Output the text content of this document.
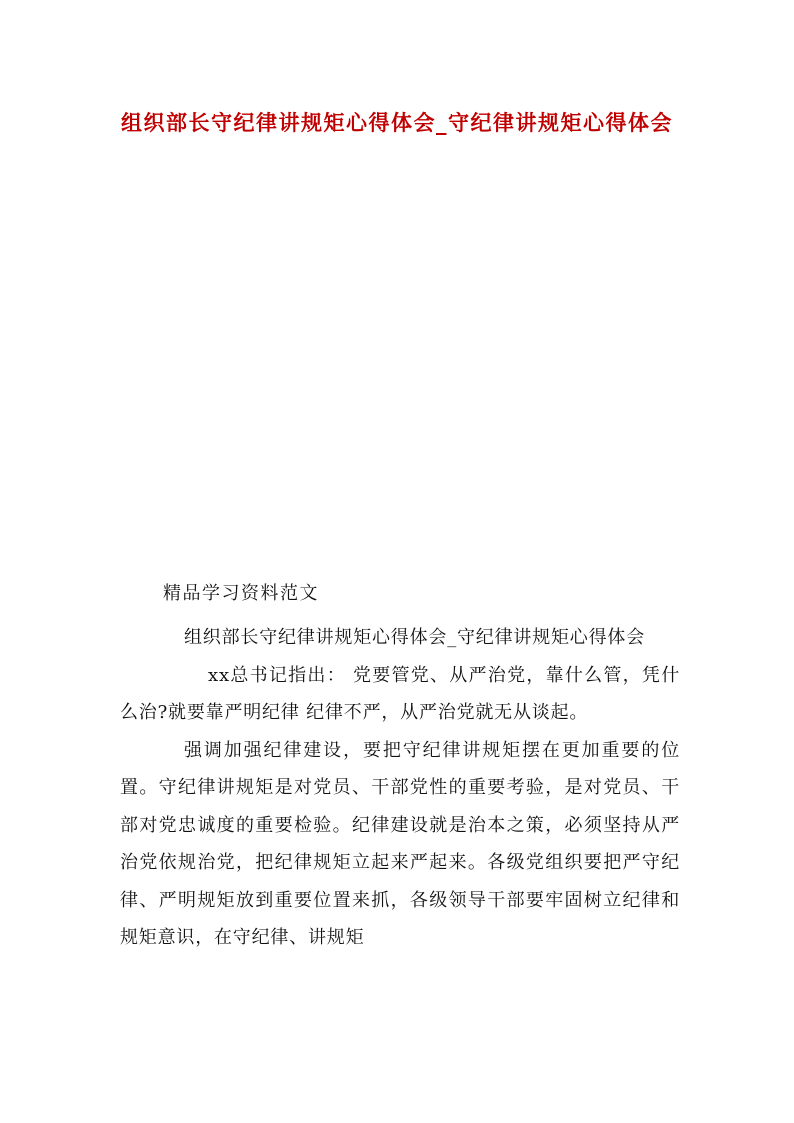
组织部长守纪律讲规矩心得体会_守纪律讲规矩心得体会
精品学习资料范文

组织部长守纪律讲规矩心得体会_守纪律讲规矩心得体会

xx总书记指出： 党要管党、从严治党，靠什么管，凭什么治?就要靠严明纪律 纪律不严，从严治党就无从谈起。

强调加强纪律建设，要把守纪律讲规矩摆在更加重要的位置。守纪律讲规矩是对党员、干部党性的重要考验，是对党员、干部对党忠诚度的重要检验。纪律建设就是治本之策，必须坚持从严治党依规治党，把纪律规矩立起来严起来。各级党组织要把严守纪律、严明规矩放到重要位置来抓，各级领导干部要牢固树立纪律和规矩意识，在守纪律、讲规矩
